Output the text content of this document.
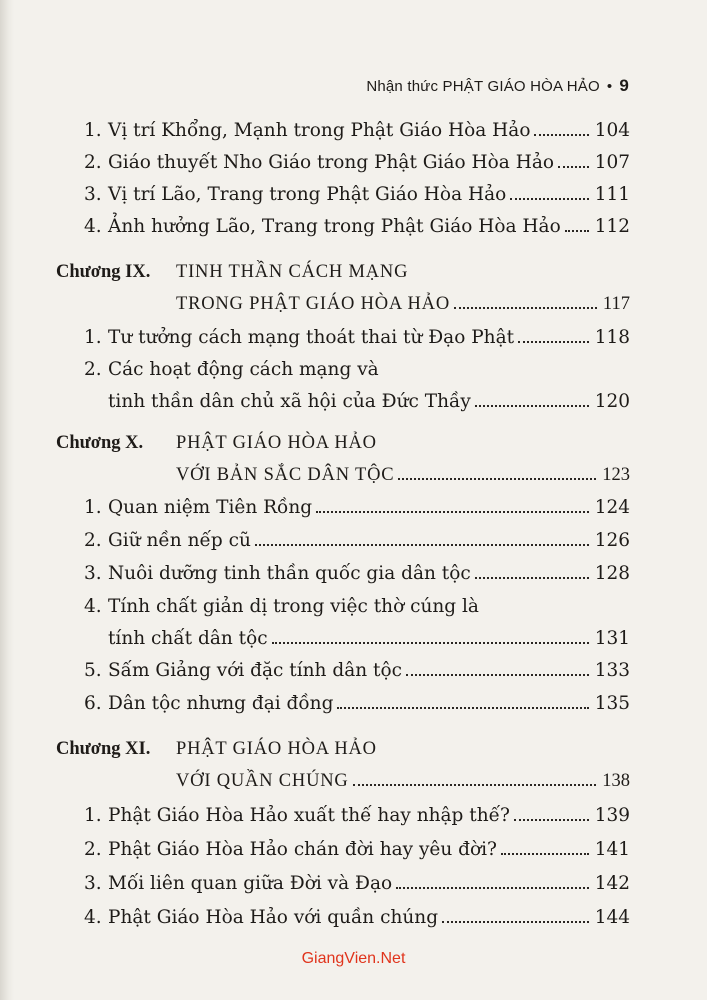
Nhận thức PHẬT GIÁO HÒA HẢO • 9
1. Vị trí Khổng, Mạnh trong Phật Giáo Hòa Hảo	104
2. Giáo thuyết Nho Giáo trong Phật Giáo Hòa Hảo 107
3. Vị trí Lão, Trang trong Phật Giáo Hòa Hảo	111
4. Ảnh hưởng Lão, Trang trong Phật Giáo Hòa Hảo 112
Chương IX. TINH THẦN CÁCH MẠNG
TRONG PHẬT GIÁO HÒA HẢO	117
1. Tư tưởng cách mạng thoát thai từ Đạo Phật	118
2. Các hoạt động cách mạng và
tinh thần dân chủ xã hội của Đức Thầy	120
Chương X. PHẬT GIÁO HÒA HẢO
VỚI BẢN SẮC DÂN TỘC	123
1. Quan niệm Tiên Rồng	124
2. Giữ nền nếp cũ	126
3. Nuôi dưỡng tinh thần quốc gia dân tộc	128
4. Tính chất giản dị trong việc thờ cúng là
tính chất dân tộc	131
5. Sấm Giảng với đặc tính dân tộc	133
6. Dân tộc nhưng đại đồng	135
Chương XI. PHẬT GIÁO HÒA HẢO
VỚI QUẦN CHÚNG	138
1. Phật Giáo Hòa Hảo xuất thế hay nhập thế?	139
2. Phật Giáo Hòa Hảo chán đời hay yêu đời?	141
3. Mối liên quan giữa Đời và Đạo	142
4. Phật Giáo Hòa Hảo với quần chúng	144
GiangVien.Net
